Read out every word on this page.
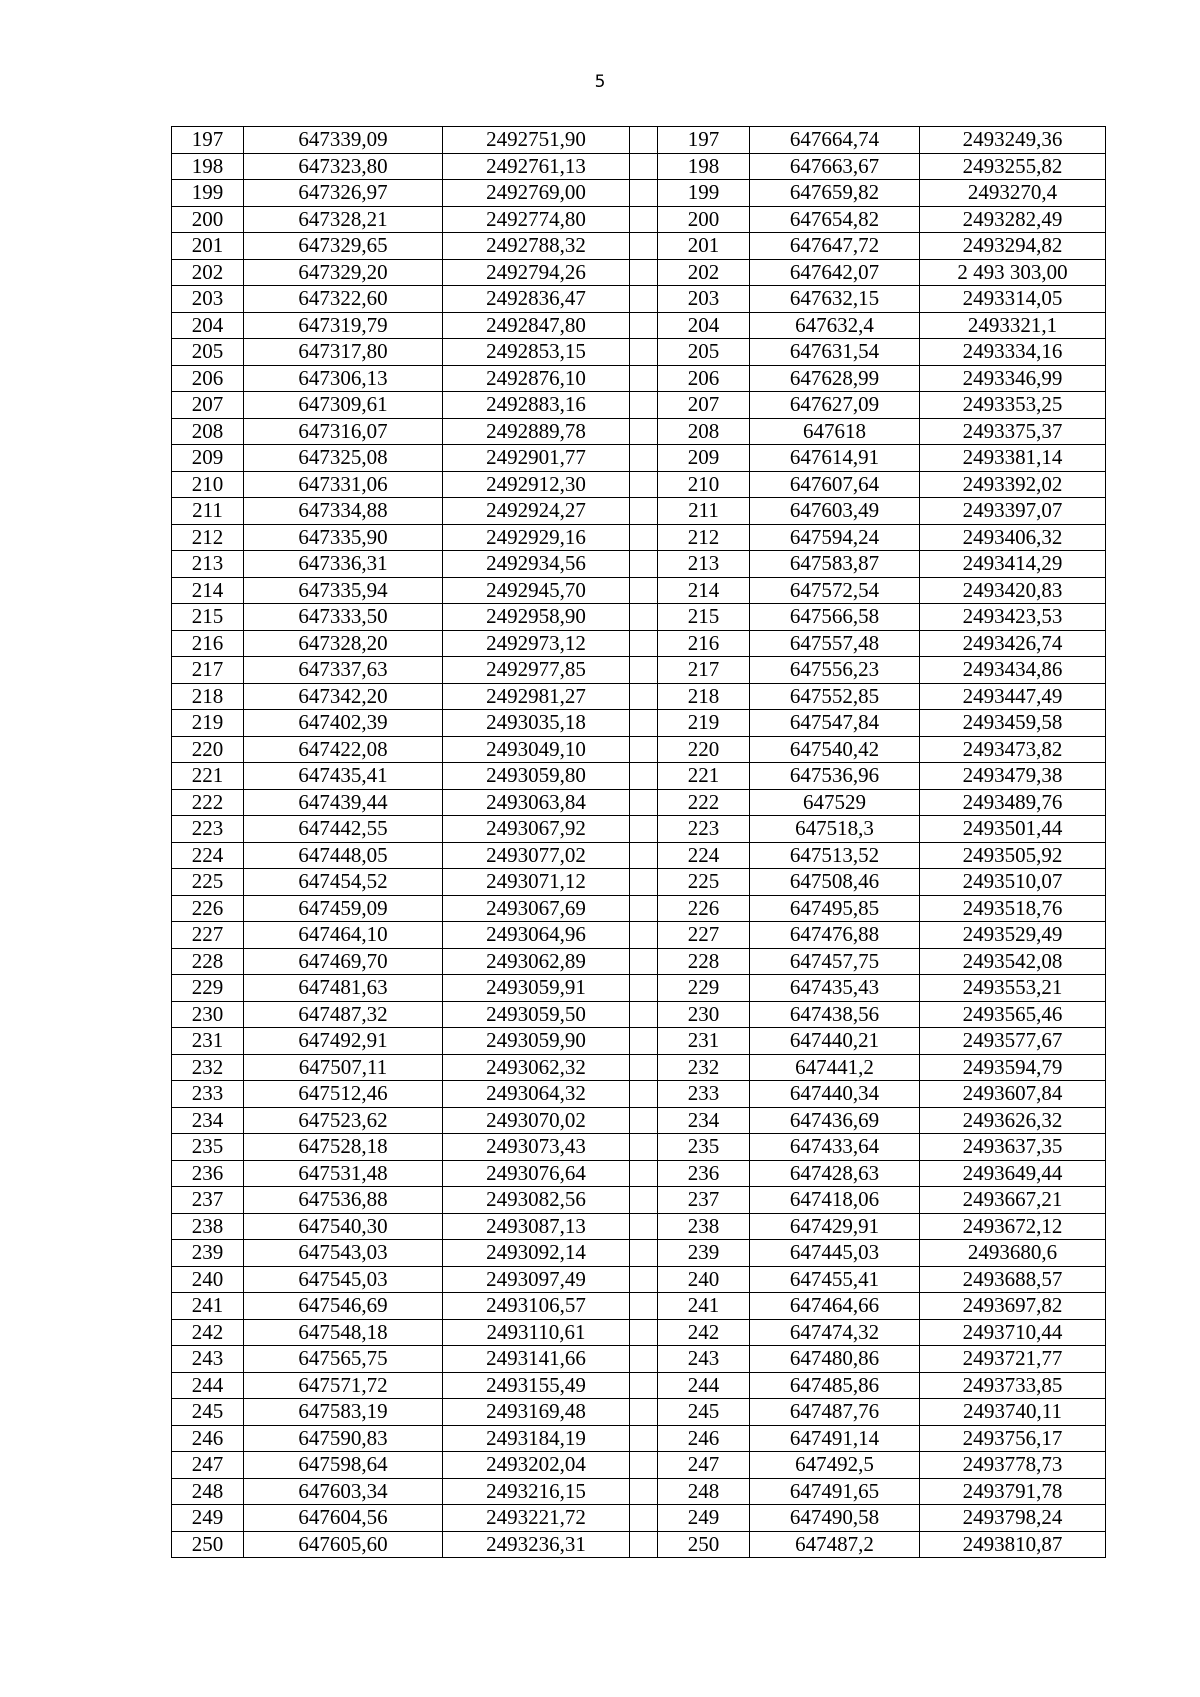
5
197	647339,09	2492751,90		197	647664,74	2493249,36
198	647323,80	2492761,13		198	647663,67	2493255,82
199	647326,97	2492769,00		199	647659,82	2493270,4
200	647328,21	2492774,80		200	647654,82	2493282,49
201	647329,65	2492788,32		201	647647,72	2493294,82
202	647329,20	2492794,26		202	647642,07	2 493 303,00
203	647322,60	2492836,47		203	647632,15	2493314,05
204	647319,79	2492847,80		204	647632,4	2493321,1
205	647317,80	2492853,15		205	647631,54	2493334,16
206	647306,13	2492876,10		206	647628,99	2493346,99
207	647309,61	2492883,16		207	647627,09	2493353,25
208	647316,07	2492889,78		208	647618	2493375,37
209	647325,08	2492901,77		209	647614,91	2493381,14
210	647331,06	2492912,30		210	647607,64	2493392,02
211	647334,88	2492924,27		211	647603,49	2493397,07
212	647335,90	2492929,16		212	647594,24	2493406,32
213	647336,31	2492934,56		213	647583,87	2493414,29
214	647335,94	2492945,70		214	647572,54	2493420,83
215	647333,50	2492958,90		215	647566,58	2493423,53
216	647328,20	2492973,12		216	647557,48	2493426,74
217	647337,63	2492977,85		217	647556,23	2493434,86
218	647342,20	2492981,27		218	647552,85	2493447,49
219	647402,39	2493035,18		219	647547,84	2493459,58
220	647422,08	2493049,10		220	647540,42	2493473,82
221	647435,41	2493059,80		221	647536,96	2493479,38
222	647439,44	2493063,84		222	647529	2493489,76
223	647442,55	2493067,92		223	647518,3	2493501,44
224	647448,05	2493077,02		224	647513,52	2493505,92
225	647454,52	2493071,12		225	647508,46	2493510,07
226	647459,09	2493067,69		226	647495,85	2493518,76
227	647464,10	2493064,96		227	647476,88	2493529,49
228	647469,70	2493062,89		228	647457,75	2493542,08
229	647481,63	2493059,91		229	647435,43	2493553,21
230	647487,32	2493059,50		230	647438,56	2493565,46
231	647492,91	2493059,90		231	647440,21	2493577,67
232	647507,11	2493062,32		232	647441,2	2493594,79
233	647512,46	2493064,32		233	647440,34	2493607,84
234	647523,62	2493070,02		234	647436,69	2493626,32
235	647528,18	2493073,43		235	647433,64	2493637,35
236	647531,48	2493076,64		236	647428,63	2493649,44
237	647536,88	2493082,56		237	647418,06	2493667,21
238	647540,30	2493087,13		238	647429,91	2493672,12
239	647543,03	2493092,14		239	647445,03	2493680,6
240	647545,03	2493097,49		240	647455,41	2493688,57
241	647546,69	2493106,57		241	647464,66	2493697,82
242	647548,18	2493110,61		242	647474,32	2493710,44
243	647565,75	2493141,66		243	647480,86	2493721,77
244	647571,72	2493155,49		244	647485,86	2493733,85
245	647583,19	2493169,48		245	647487,76	2493740,11
246	647590,83	2493184,19		246	647491,14	2493756,17
247	647598,64	2493202,04		247	647492,5	2493778,73
248	647603,34	2493216,15		248	647491,65	2493791,78
249	647604,56	2493221,72		249	647490,58	2493798,24
250	647605,60	2493236,31		250	647487,2	2493810,87
